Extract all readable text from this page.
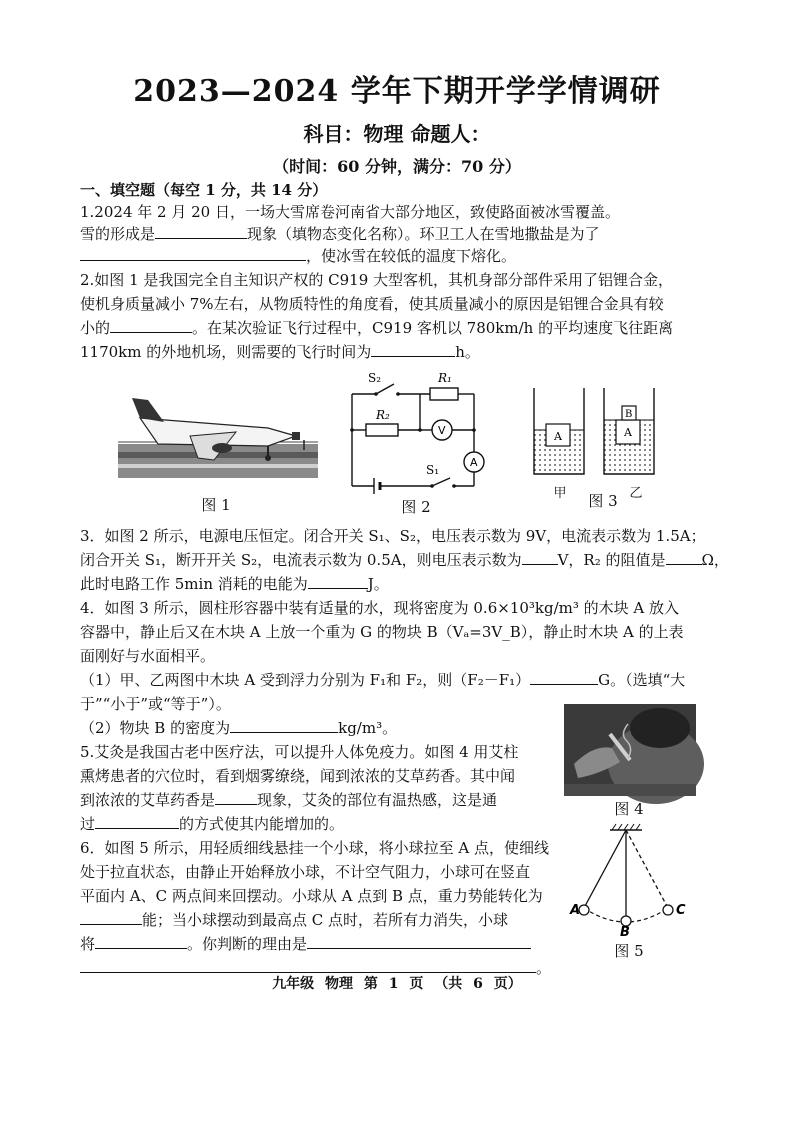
2023—2024 学年下期开学学情调研
科目：物理 命题人：
（时间：60 分钟，满分：70 分）
一、填空题（每空 1 分，共 14 分）
1.2024 年 2 月 20 日，一场大雪席卷河南省大部分地区，致使路面被冰雪覆盖。
雪的形成是	现象（填物态变化名称）。环卫工人在雪地撒盐是为了
，使冰雪在较低的温度下熔化。
2.如图 1 是我国完全自主知识产权的 C919 大型客机，其机身部分部件采用了铝锂合金，
使机身质量减小 7%左右，从物质特性的角度看，使其质量减小的原因是铝锂合金具有较
小的	。在某次验证飞行过程中，C919 客机以 780km/h 的平均速度飞往距离
1170km 的外地机场，则需要的飞行时间为	h。
图 1
S₂	R₁
R₂
V
A
S₁
图 2
A	A
B
甲	乙
图 3
3．如图 2 所示，电源电压恒定。闭合开关 S₁、S₂，电压表示数为 9V，电流表示数为 1.5A；
闭合开关 S₁，断开开关 S₂，电流表示数为 0.5A，则电压表示数为 V，R₂ 的阻值是 Ω，
此时电路工作 5min 消耗的电能为	J。
4．如图 3 所示，圆柱形容器中装有适量的水，现将密度为 0.6×10³kg/m³ 的木块 A 放入
容器中，静止后又在木块 A 上放一个重为 G 的物块 B（Vₐ=3V_B），静止时木块 A 的上表
面刚好与水面相平。
（1）甲、乙两图中木块 A 受到浮力分别为 F₁和 F₂，则（F₂－F₁）	G。（选填“大
于”“小于”或“等于”）。
（2）物块 B 的密度为	kg/m³。
图 4
5.艾灸是我国古老中医疗法，可以提升人体免疫力。如图 4 用艾柱
熏烤患者的穴位时，看到烟雾缭绕，闻到浓浓的艾草药香。其中闻
到浓浓的艾草药香是	现象，艾灸的部位有温热感，这是通
过	的方式使其内能增加的。
A
B
C
图 5
6．如图 5 所示，用轻质细线悬挂一个小球，将小球拉至 A 点，使细线
处于拉直状态，由静止开始释放小球，不计空气阻力，小球可在竖直
平面内 A、C 两点间来回摆动。小球从 A 点到 B 点，重力势能转化为
能；当小球摆动到最高点 C 点时，若所有力消失，小球
将	。你判断的理由是
。
九年级 物理 第 1 页 （共 6 页）
